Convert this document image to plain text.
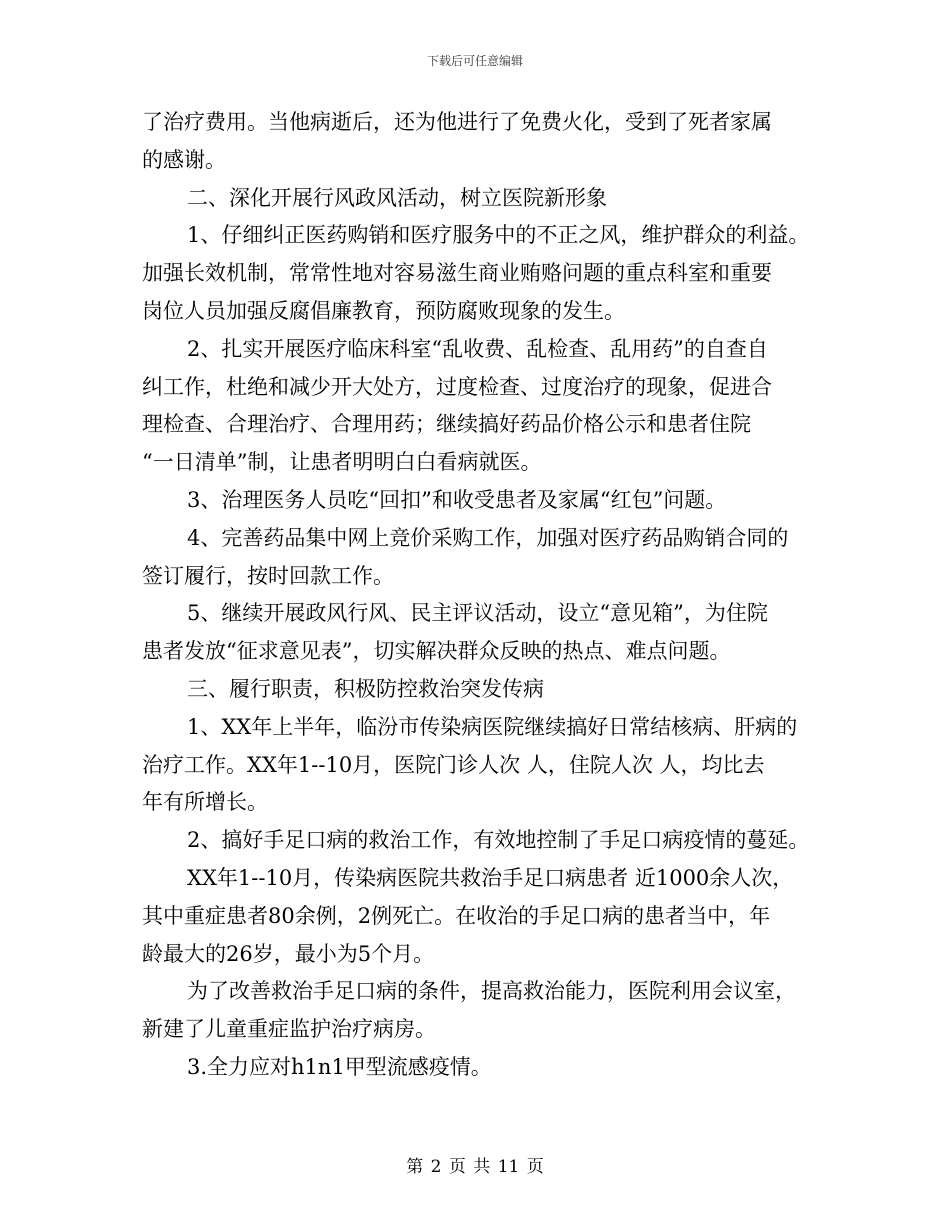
下载后可任意编辑
了治疗费用。当他病逝后，还为他进行了免费火化，受到了死者家属
的感谢。
二、深化开展行风政风活动，树立医院新形象
1、仔细纠正医药购销和医疗服务中的不正之风，维护群众的利益。
加强长效机制，常常性地对容易滋生商业贿赂问题的重点科室和重要
岗位人员加强反腐倡廉教育，预防腐败现象的发生。
2、扎实开展医疗临床科室“乱收费、乱检查、乱用药”的自查自
纠工作，杜绝和减少开大处方，过度检查、过度治疗的现象，促进合
理检查、合理治疗、合理用药；继续搞好药品价格公示和患者住院
“一日清单”制，让患者明明白白看病就医。
3、治理医务人员吃“回扣”和收受患者及家属“红包”问题。
4、完善药品集中网上竞价采购工作，加强对医疗药品购销合同的
签订履行，按时回款工作。
5、继续开展政风行风、民主评议活动，设立“意见箱”，为住院
患者发放“征求意见表”，切实解决群众反映的热点、难点问题。
三、履行职责，积极防控救治突发传病
1、XX年上半年，临汾市传染病医院继续搞好日常结核病、肝病的
治疗工作。XX年1--10月，医院门诊人次 人，住院人次 人，均比去
年有所增长。
2、搞好手足口病的救治工作，有效地控制了手足口病疫情的蔓延。
XX年1--10月，传染病医院共救治手足口病患者 近1000余人次，
其中重症患者80余例，2例死亡。在收治的手足口病的患者当中，年
龄最大的26岁，最小为5个月。
为了改善救治手足口病的条件，提高救治能力，医院利用会议室，
新建了儿童重症监护治疗病房。
3.全力应对h1n1甲型流感疫情。
第 2 页 共 11 页
